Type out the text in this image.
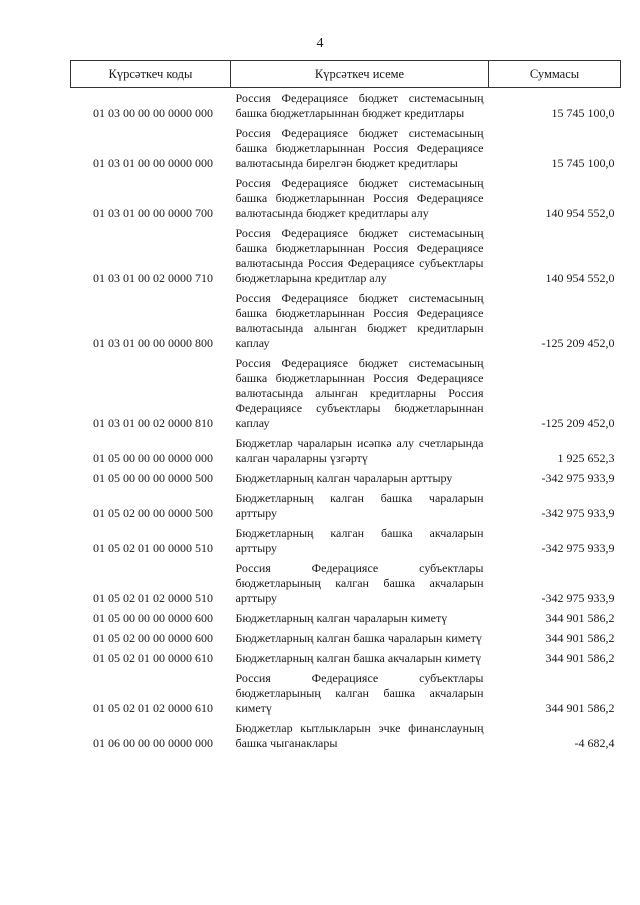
4
Күрсәткеч коды	Күрсәткеч исеме	Суммасы
01 03 00 00 00 0000 000	Россия Федерациясе бюджет системасының башка бюджетларыннан бюджет кредитлары	15 745 100,0
01 03 01 00 00 0000 000	Россия Федерациясе бюджет системасының башка бюджетларыннан Россия Федерациясе валютасында бирелгән бюджет кредитлары	15 745 100,0
01 03 01 00 00 0000 700	Россия Федерациясе бюджет системасының башка бюджетларыннан Россия Федерациясе валютасында бюджет кредитлары алу	140 954 552,0
01 03 01 00 02 0000 710	Россия Федерациясе бюджет системасының башка бюджетларыннан Россия Федерациясе валютасында Россия Федерациясе субъектлары бюджетларына кредитлар алу	140 954 552,0
01 03 01 00 00 0000 800	Россия Федерациясе бюджет системасының башка бюджетларыннан Россия Федерациясе валютасында алынган бюджет кредитларын каплау	-125 209 452,0
01 03 01 00 02 0000 810	Россия Федерациясе бюджет системасының башка бюджетларыннан Россия Федерациясе валютасында алынган кредитларны Россия Федерациясе субъектлары бюджетларыннан каплау	-125 209 452,0
01 05 00 00 00 0000 000	Бюджетлар чараларын исәпкә алу счетларында калган чараларны үзгәртү	1 925 652,3
01 05 00 00 00 0000 500	Бюджетларның калган чараларын арттыру	-342 975 933,9
01 05 02 00 00 0000 500	Бюджетларның калган башка чараларын арттыру	-342 975 933,9
01 05 02 01 00 0000 510	Бюджетларның калган башка акчаларын арттыру	-342 975 933,9
01 05 02 01 02 0000 510	Россия Федерациясе субъектлары бюджетларының калган башка акчаларын арттыру	-342 975 933,9
01 05 00 00 00 0000 600	Бюджетларның калган чараларын киметү	344 901 586,2
01 05 02 00 00 0000 600	Бюджетларның калган башка чараларын киметү	344 901 586,2
01 05 02 01 00 0000 610	Бюджетларның калган башка акчаларын киметү	344 901 586,2
01 05 02 01 02 0000 610	Россия Федерациясе субъектлары бюджетларының калган башка акчаларын киметү	344 901 586,2
01 06 00 00 00 0000 000	Бюджетлар кытлыкларын эчке финанслауның башка чыганаклары	-4 682,4
